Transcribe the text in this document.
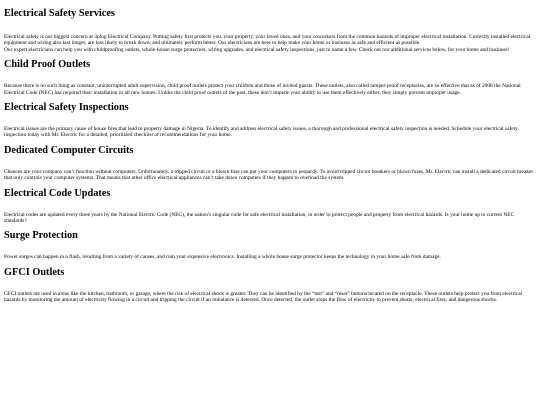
Electrical Safety Services

Electrical safety is our biggest concern at 3plug Electrical Company. Putting safety first protects you, your property, your loved ones, and your coworkers from the common hazards of improper electrical installation. Correctly installed electrical equipment and wiring also last longer, are less likely to break down, and ultimately perform better. Our electricians are here to help make your home or business as safe and efficient as possible.
Our expert electricians can help you with childproofing outlets, whole-house surge protectors, wiring upgrades, and electrical safety inspections, just to name a few. Check out our additional services below, for your home and business!

Child Proof Outlets

Because there is no such thing as constant, uninterrupted adult supervision, child proof outlets protect your children and those of invited guests. These outlets, also called tamper-proof receptacles, are so effective that as of 2008 the National Electrical Code (NEC) has required their installation in all new homes. Unlike the child proof outlets of the past, these don’t impede your ability to use them effectively either, they simply prevent improper usage.

Electrical Safety Inspections

Electrical issues are the primary cause of house fires that lead to property damage in Nigeria. To identify and address electrical safety issues, a thorough and professional electrical safety inspection is needed. Schedule your electrical safety inspection today with Mr. Electric for a detailed, prioritized checklist of recommendations for your home.

Dedicated Computer Circuits

Chances are your company can’t function without computers. Unfortunately, a tripped circuit or a blown fuse can put your computers in jeopardy. To avoid tripped circuit breakers or blown fuses, Mr. Electric can install a dedicated circuit breaker that only controls your computer systems. That means that other office electrical appliances can’t take down computers if they happen to overload the system.

Electrical Code Updates

Electrical codes are updated every three years by the National Electric Code (NEC), the nation's singular code for safe electrical installation, in order to protect people and property from electrical hazards. Is your home up to current NEC standards?

Surge Protection

Power surges can happen in a flash, resulting from a variety of causes, and ruin your expensive electronics. Installing a whole house surge protector keeps the technology in your home safe from damage.

GFCI Outlets

GFCI outlets are used in areas like the kitchen, bathroom, or garage, where the risk of electrical shock is greater. They can be identified by the “test” and “reset” buttons located on the receptacle. These outlets help protect you from electrical hazards by monitoring the amount of electricity flowing in a circuit and tripping the circuit if an imbalance is detected. Once detected, the outlet stops the flow of electricity to prevent shorts, electrical fires, and dangerous shocks.
